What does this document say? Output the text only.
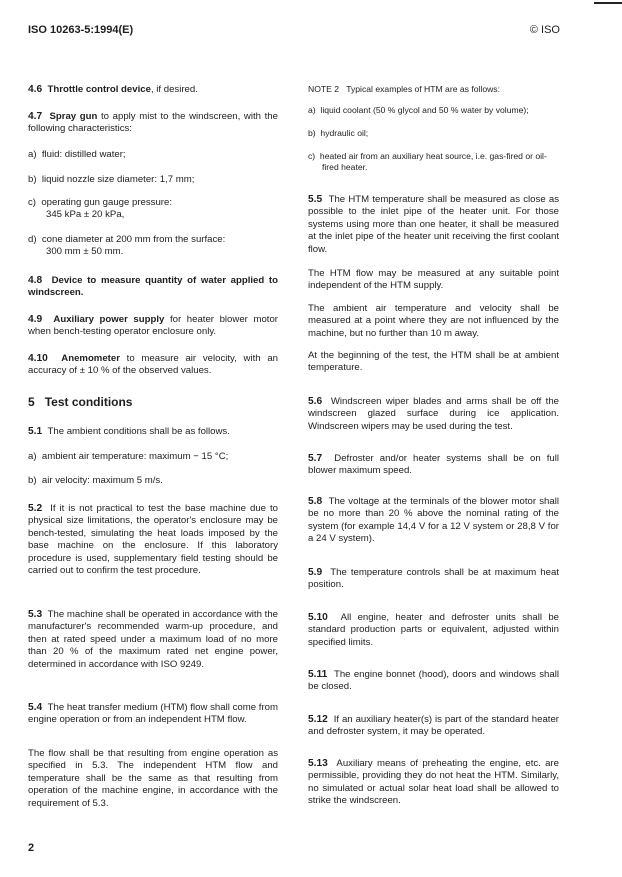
ISO 10263-5:1994(E)	© ISO

4.6 Throttle control device, if desired.

4.7 Spray gun to apply mist to the windscreen, with the following characteristics:

a)  fluid: distilled water;

b)  liquid nozzle size diameter: 1,7 mm;

c)  operating gun gauge pressure:
345 kPa ± 20 kPa,

d)  cone diameter at 200 mm from the surface:
300 mm ± 50 mm.

4.8 Device to measure quantity of water applied to windscreen.

4.9 Auxiliary power supply for heater blower motor when bench-testing operator enclosure only.

4.10 Anemometer to measure air velocity, with an accuracy of ± 10 % of the observed values.

5 Test conditions

5.1 The ambient conditions shall be as follows.

a)  ambient air temperature: maximum − 15 °C;

b)  air velocity: maximum 5 m/s.

5.2 If it is not practical to test the base machine due to physical size limitations, the operator's enclosure may be bench-tested, simulating the heat loads imposed by the base machine on the enclosure. If this laboratory procedure is used, supplementary field testing should be carried out to confirm the test procedure.

5.3 The machine shall be operated in accordance with the manufacturer's recommended warm-up procedure, and then at rated speed under a maximum load of no more than 20 % of the maximum rated net engine power, determined in accordance with ISO 9249.

5.4 The heat transfer medium (HTM) flow shall come from engine operation or from an independent HTM flow.

The flow shall be that resulting from engine operation as specified in 5.3. The independent HTM flow and temperature shall be the same as that resulting from operation of the machine engine, in accordance with the requirement of 5.3.

NOTE 2   Typical examples of HTM are as follows:

a)  liquid coolant (50 % glycol and 50 % water by volume);

b)  hydraulic oil;

c)  heated air from an auxiliary heat source, i.e. gas-fired or oil-fired heater.

5.5 The HTM temperature shall be measured as close as possible to the inlet pipe of the heater unit. For those systems using more than one heater, it shall be measured at the inlet pipe of the heater unit receiving the first coolant flow.

The HTM flow may be measured at any suitable point independent of the HTM supply.

The ambient air temperature and velocity shall be measured at a point where they are not influenced by the machine, but no further than 10 m away.

At the beginning of the test, the HTM shall be at ambient temperature.

5.6 Windscreen wiper blades and arms shall be off the windscreen glazed surface during ice application. Windscreen wipers may be used during the test.

5.7 Defroster and/or heater systems shall be on full blower maximum speed.

5.8 The voltage at the terminals of the blower motor shall be no more than 20 % above the nominal rating of the system (for example 14,4 V for a 12 V system or 28,8 V for a 24 V system).

5.9 The temperature controls shall be at maximum heat position.

5.10 All engine, heater and defroster units shall be standard production parts or equivalent, adjusted within specified limits.

5.11 The engine bonnet (hood), doors and windows shall be closed.

5.12 If an auxiliary heater(s) is part of the standard heater and defroster system, it may be operated.

5.13 Auxiliary means of preheating the engine, etc. are permissible, providing they do not heat the HTM. Similarly, no simulated or actual solar heat load shall be allowed to strike the windscreen.

2
